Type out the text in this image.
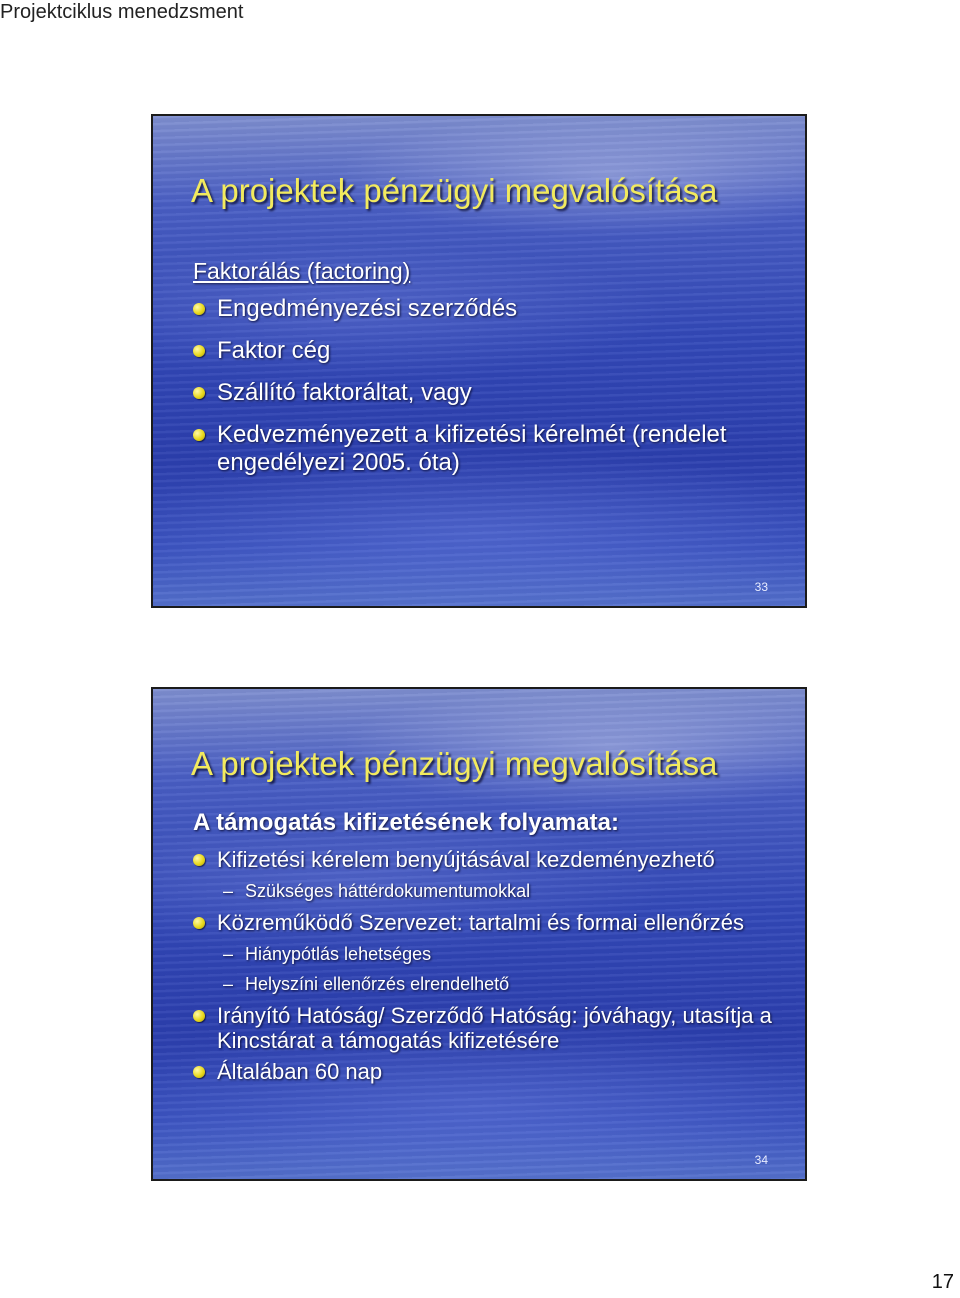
Projektciklus menedzsment
A projektek pénzügyi megvalósítása
Faktorálás (factoring)
Engedményezési szerződés
Faktor cég
Szállító faktoráltat, vagy
Kedvezményezett a kifizetési kérelmét (rendelet engedélyezi 2005. óta)
33
A projektek pénzügyi megvalósítása
A támogatás kifizetésének folyamata:
Kifizetési kérelem benyújtásával kezdeményezhető
– Szükséges háttérdokumentumokkal
Közreműködő Szervezet: tartalmi és formai ellenőrzés
– Hiánypótlás lehetséges
– Helyszíni ellenőrzés elrendelhető
Irányító Hatóság/ Szerződő Hatóság: jóváhagy, utasítja a Kincstárat a támogatás kifizetésére
Általában 60 nap
34
17
